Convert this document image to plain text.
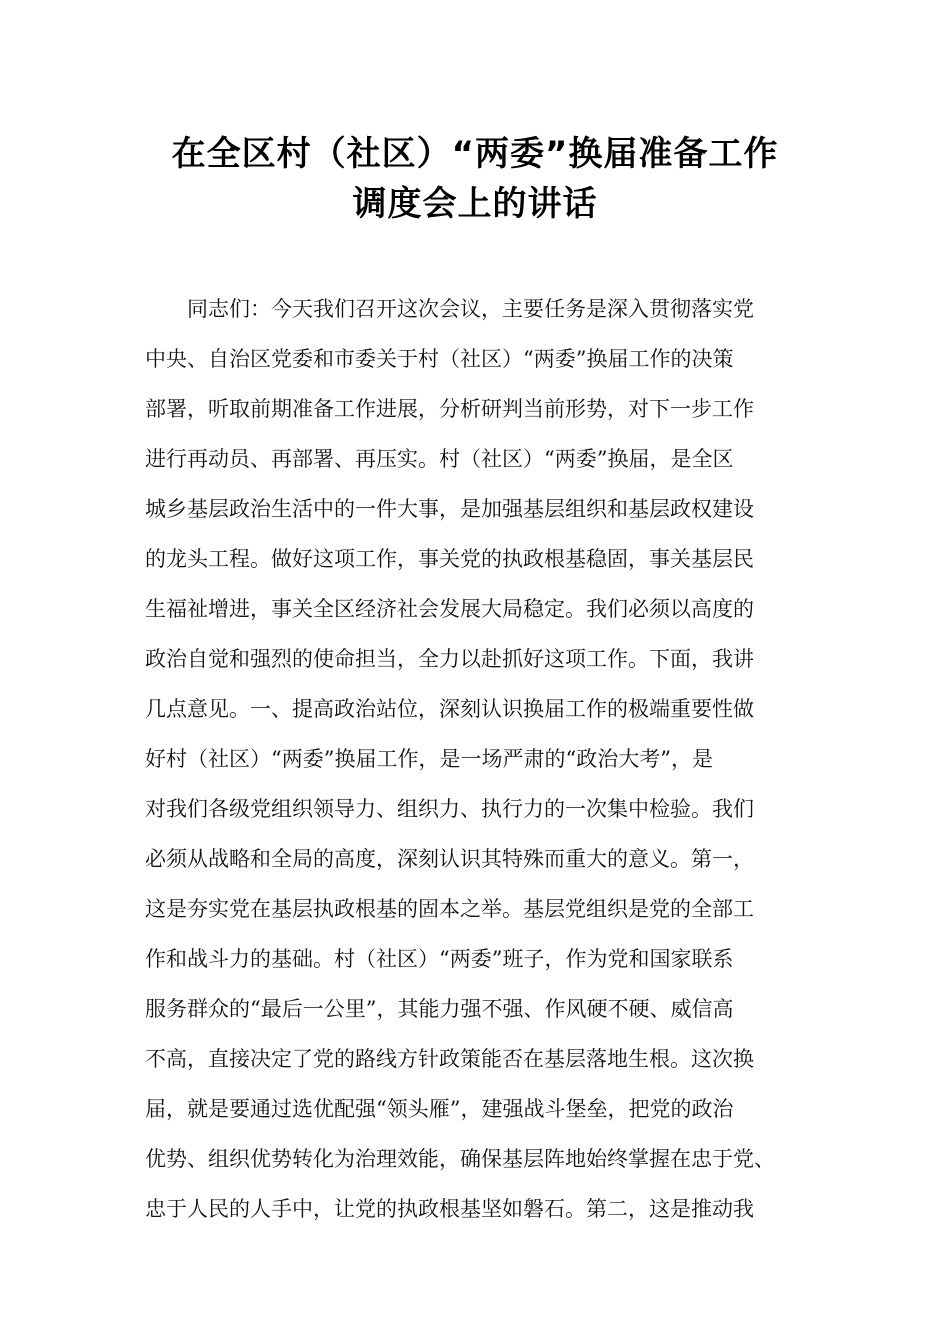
在全区村（社区）“两委”换届准备工作
调度会上的讲话
同志们：今天我们召开这次会议，主要任务是深入贯彻落实党
中央、自治区党委和市委关于村（社区）“两委”换届工作的决策
部署，听取前期准备工作进展，分析研判当前形势，对下一步工作
进行再动员、再部署、再压实。村（社区）“两委”换届，是全区
城乡基层政治生活中的一件大事，是加强基层组织和基层政权建设
的龙头工程。做好这项工作，事关党的执政根基稳固，事关基层民
生福祉增进，事关全区经济社会发展大局稳定。我们必须以高度的
政治自觉和强烈的使命担当，全力以赴抓好这项工作。下面，我讲
几点意见。一、提高政治站位，深刻认识换届工作的极端重要性做
好村（社区）“两委”换届工作，是一场严肃的“政治大考”，是
对我们各级党组织领导力、组织力、执行力的一次集中检验。我们
必须从战略和全局的高度，深刻认识其特殊而重大的意义。第一，
这是夯实党在基层执政根基的固本之举。基层党组织是党的全部工
作和战斗力的基础。村（社区）“两委”班子，作为党和国家联系
服务群众的“最后一公里”，其能力强不强、作风硬不硬、威信高
不高，直接决定了党的路线方针政策能否在基层落地生根。这次换
届，就是要通过选优配强“领头雁”，建强战斗堡垒，把党的政治
优势、组织优势转化为治理效能，确保基层阵地始终掌握在忠于党、
忠于人民的人手中，让党的执政根基坚如磐石。第二，这是推动我
